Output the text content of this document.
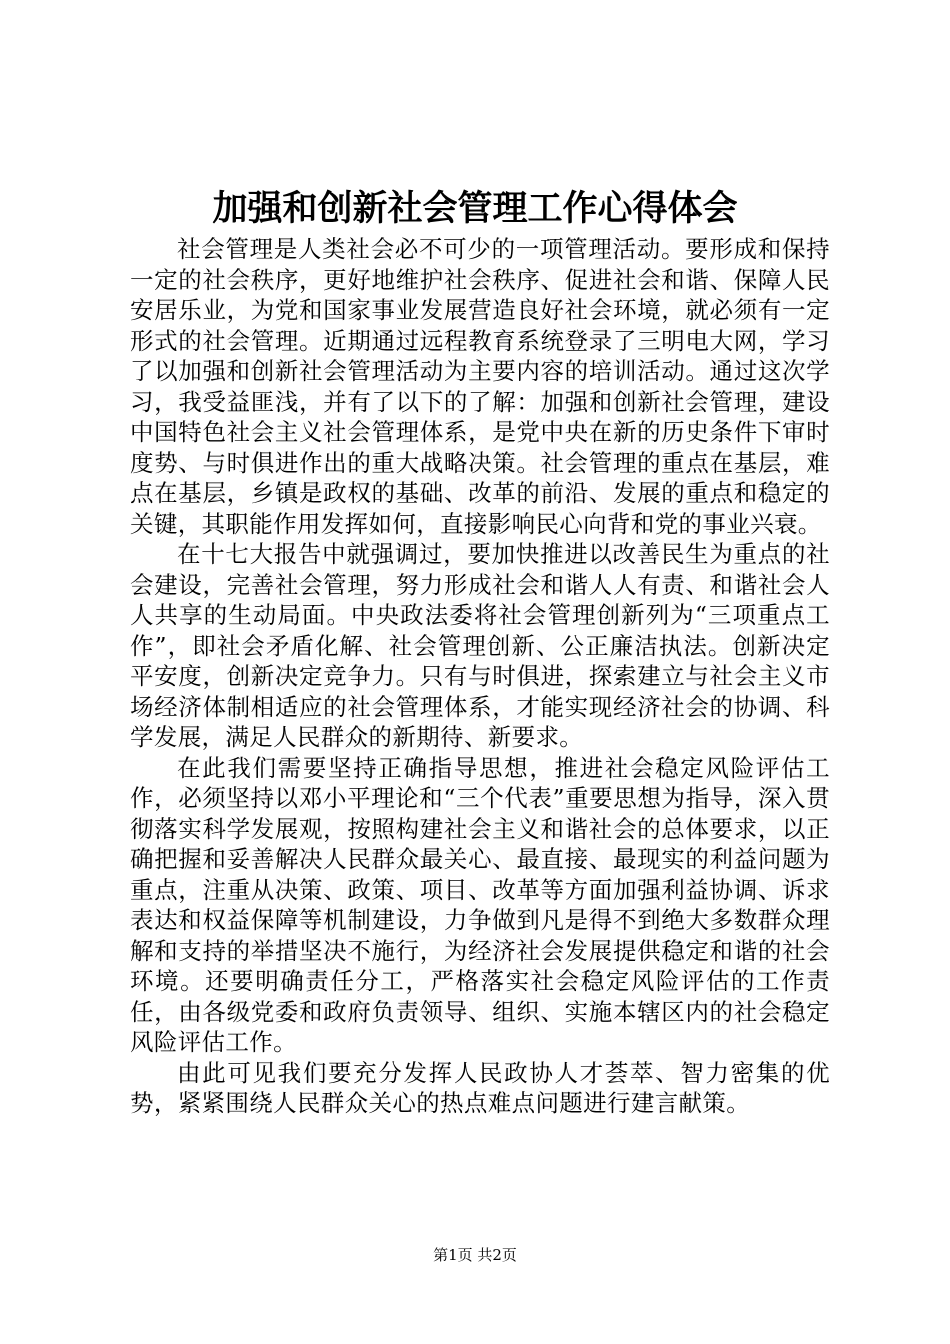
加强和创新社会管理工作心得体会

社会管理是人类社会必不可少的一项管理活动。要形成和保持一定的社会秩序，更好地维护社会秩序、促进社会和谐、保障人民安居乐业，为党和国家事业发展营造良好社会环境，就必须有一定形式的社会管理。近期通过远程教育系统登录了三明电大网，学习了以加强和创新社会管理活动为主要内容的培训活动。通过这次学习，我受益匪浅，并有了以下的了解：加强和创新社会管理，建设中国特色社会主义社会管理体系，是党中央在新的历史条件下审时度势、与时俱进作出的重大战略决策。社会管理的重点在基层，难点在基层，乡镇是政权的基础、改革的前沿、发展的重点和稳定的关键，其职能作用发挥如何，直接影响民心向背和党的事业兴衰。

在十七大报告中就强调过，要加快推进以改善民生为重点的社会建设，完善社会管理，努力形成社会和谐人人有责、和谐社会人人共享的生动局面。中央政法委将社会管理创新列为“三项重点工作”，即社会矛盾化解、社会管理创新、公正廉洁执法。创新决定平安度，创新决定竞争力。只有与时俱进，探索建立与社会主义市场经济体制相适应的社会管理体系，才能实现经济社会的协调、科学发展，满足人民群众的新期待、新要求。

在此我们需要坚持正确指导思想，推进社会稳定风险评估工作，必须坚持以邓小平理论和“三个代表”重要思想为指导，深入贯彻落实科学发展观，按照构建社会主义和谐社会的总体要求，以正确把握和妥善解决人民群众最关心、最直接、最现实的利益问题为重点，注重从决策、政策、项目、改革等方面加强利益协调、诉求表达和权益保障等机制建设，力争做到凡是得不到绝大多数群众理解和支持的举措坚决不施行，为经济社会发展提供稳定和谐的社会环境。还要明确责任分工，严格落实社会稳定风险评估的工作责任，由各级党委和政府负责领导、组织、实施本辖区内的社会稳定风险评估工作。

由此可见我们要充分发挥人民政协人才荟萃、智力密集的优势，紧紧围绕人民群众关心的热点难点问题进行建言献策。

第1页 共2页
